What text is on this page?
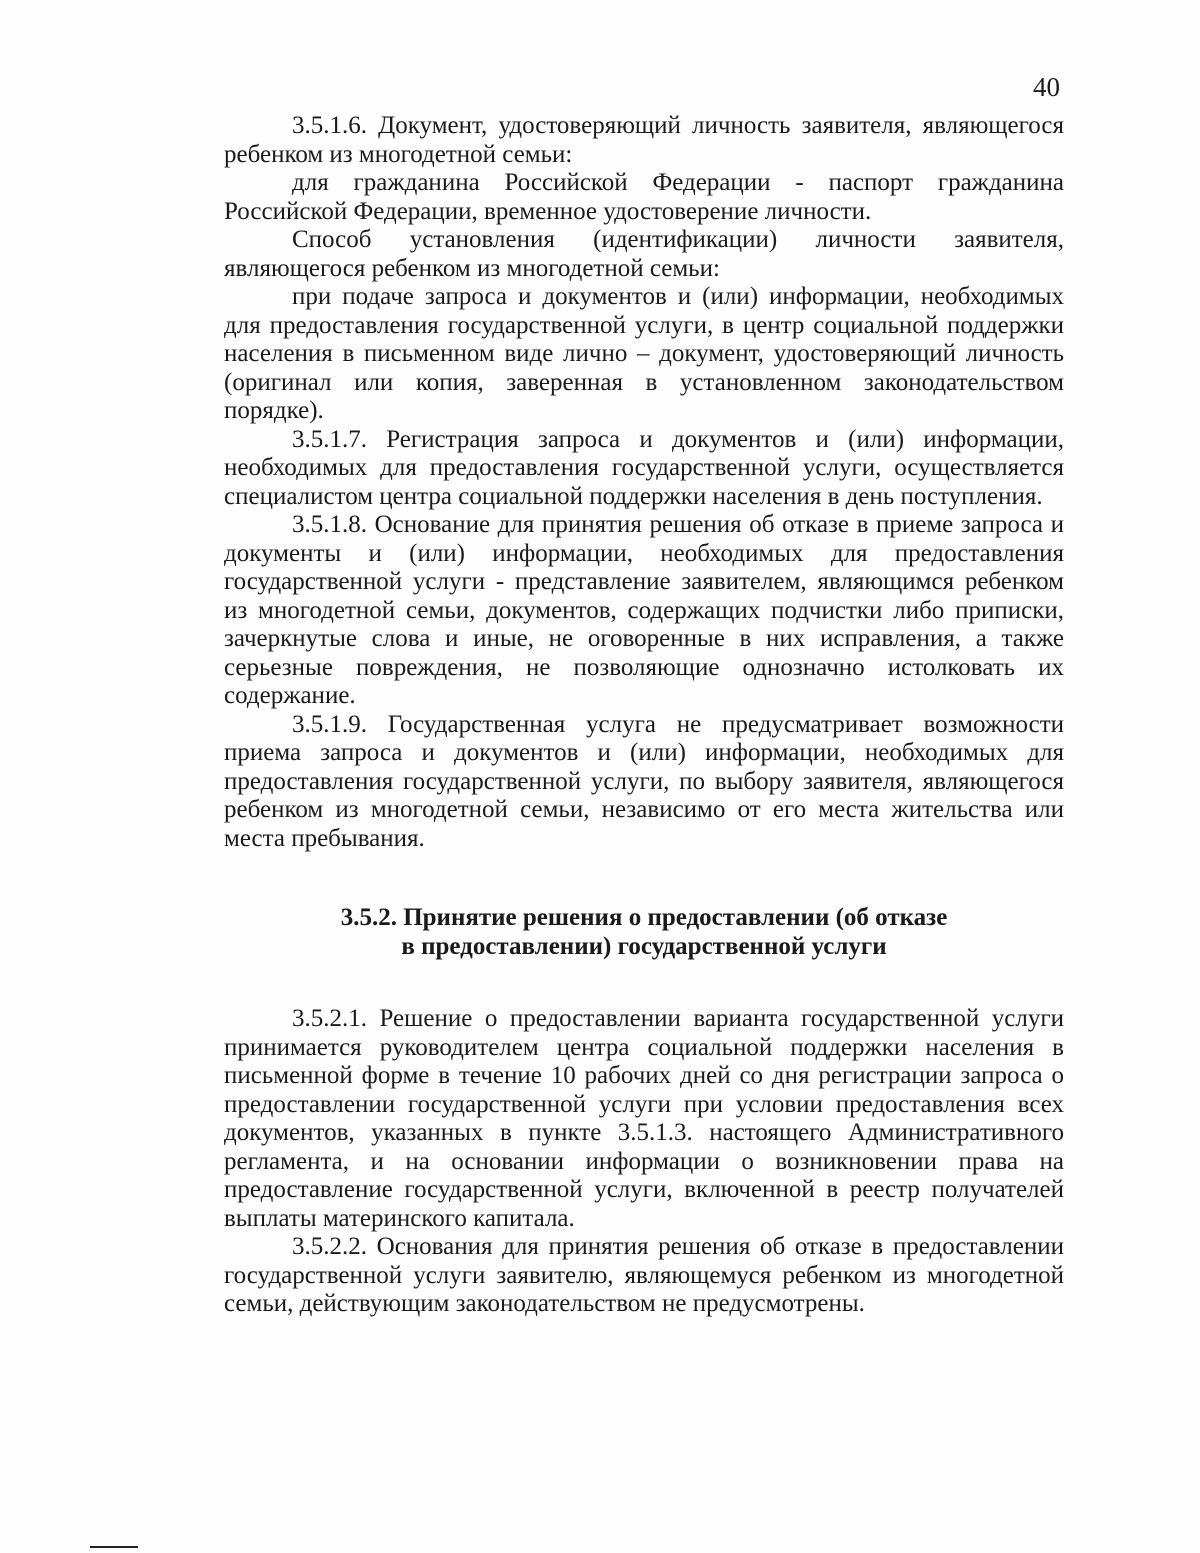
40

3.5.1.6. Документ, удостоверяющий личность заявителя, являющегося ребенком из многодетной семьи:

для гражданина Российской Федерации - паспорт гражданина Российской Федерации, временное удостоверение личности.

Способ установления (идентификации) личности заявителя, являющегося ребенком из многодетной семьи:

при подаче запроса и документов и (или) информации, необходимых для предоставления государственной услуги, в центр социальной поддержки населения в письменном виде лично – документ, удостоверяющий личность (оригинал или копия, заверенная в установленном законодательством порядке).

3.5.1.7. Регистрация запроса и документов и (или) информации, необходимых для предоставления государственной услуги, осуществляется специалистом центра социальной поддержки населения в день поступления.

3.5.1.8. Основание для принятия решения об отказе в приеме запроса и документы и (или) информации, необходимых для предоставления государственной услуги - представление заявителем, являющимся ребенком из многодетной семьи, документов, содержащих подчистки либо приписки, зачеркнутые слова и иные, не оговоренные в них исправления, а также серьезные повреждения, не позволяющие однозначно истолковать их содержание.

3.5.1.9. Государственная услуга не предусматривает возможности приема запроса и документов и (или) информации, необходимых для предоставления государственной услуги, по выбору заявителя, являющегося ребенком из многодетной семьи, независимо от его места жительства или места пребывания.

3.5.2. Принятие решения о предоставлении (об отказе
в предоставлении) государственной услуги

3.5.2.1. Решение о предоставлении варианта государственной услуги принимается руководителем центра социальной поддержки населения в письменной форме в течение 10 рабочих дней со дня регистрации запроса о предоставлении государственной услуги при условии предоставления всех документов, указанных в пункте 3.5.1.3. настоящего Административного регламента, и на основании информации о возникновении права на предоставление государственной услуги, включенной в реестр получателей выплаты материнского капитала.

3.5.2.2. Основания для принятия решения об отказе в предоставлении государственной услуги заявителю, являющемуся ребенком из многодетной семьи, действующим законодательством не предусмотрены.
